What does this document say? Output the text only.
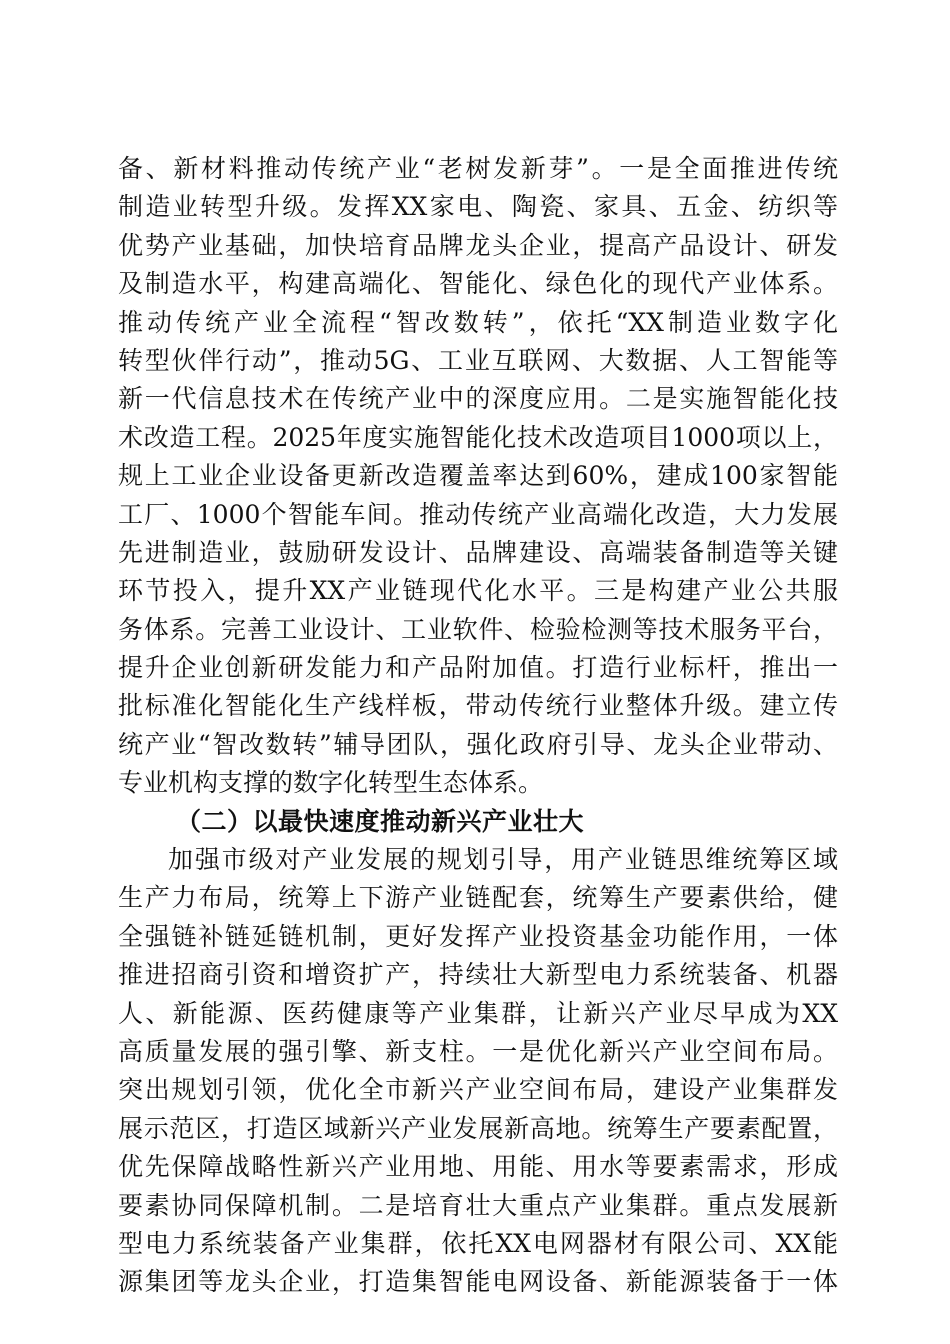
备、新材料推动传统产业“老树发新芽”。一是全面推进传统
制造业转型升级。发挥XX家电、陶瓷、家具、五金、纺织等
优势产业基础，加快培育品牌龙头企业，提高产品设计、研发
及制造水平，构建高端化、智能化、绿色化的现代产业体系。
推动传统产业全流程“智改数转”，依托“XX制造业数字化
转型伙伴行动”，推动5G、工业互联网、大数据、人工智能等
新一代信息技术在传统产业中的深度应用。二是实施智能化技
术改造工程。2025年度实施智能化技术改造项目1000项以上，
规上工业企业设备更新改造覆盖率达到60%，建成100家智能
工厂、1000个智能车间。推动传统产业高端化改造，大力发展
先进制造业，鼓励研发设计、品牌建设、高端装备制造等关键
环节投入，提升XX产业链现代化水平。三是构建产业公共服
务体系。完善工业设计、工业软件、检验检测等技术服务平台，
提升企业创新研发能力和产品附加值。打造行业标杆，推出一
批标准化智能化生产线样板，带动传统行业整体升级。建立传
统产业“智改数转”辅导团队，强化政府引导、龙头企业带动、
专业机构支撑的数字化转型生态体系。

（二）以最快速度推动新兴产业壮大

加强市级对产业发展的规划引导，用产业链思维统筹区域
生产力布局，统筹上下游产业链配套，统筹生产要素供给，健
全强链补链延链机制，更好发挥产业投资基金功能作用，一体
推进招商引资和增资扩产，持续壮大新型电力系统装备、机器
人、新能源、医药健康等产业集群，让新兴产业尽早成为XX
高质量发展的强引擎、新支柱。一是优化新兴产业空间布局。
突出规划引领，优化全市新兴产业空间布局，建设产业集群发
展示范区，打造区域新兴产业发展新高地。统筹生产要素配置，
优先保障战略性新兴产业用地、用能、用水等要素需求，形成
要素协同保障机制。二是培育壮大重点产业集群。重点发展新
型电力系统装备产业集群，依托XX电网器材有限公司、XX能
源集团等龙头企业，打造集智能电网设备、新能源装备于一体
